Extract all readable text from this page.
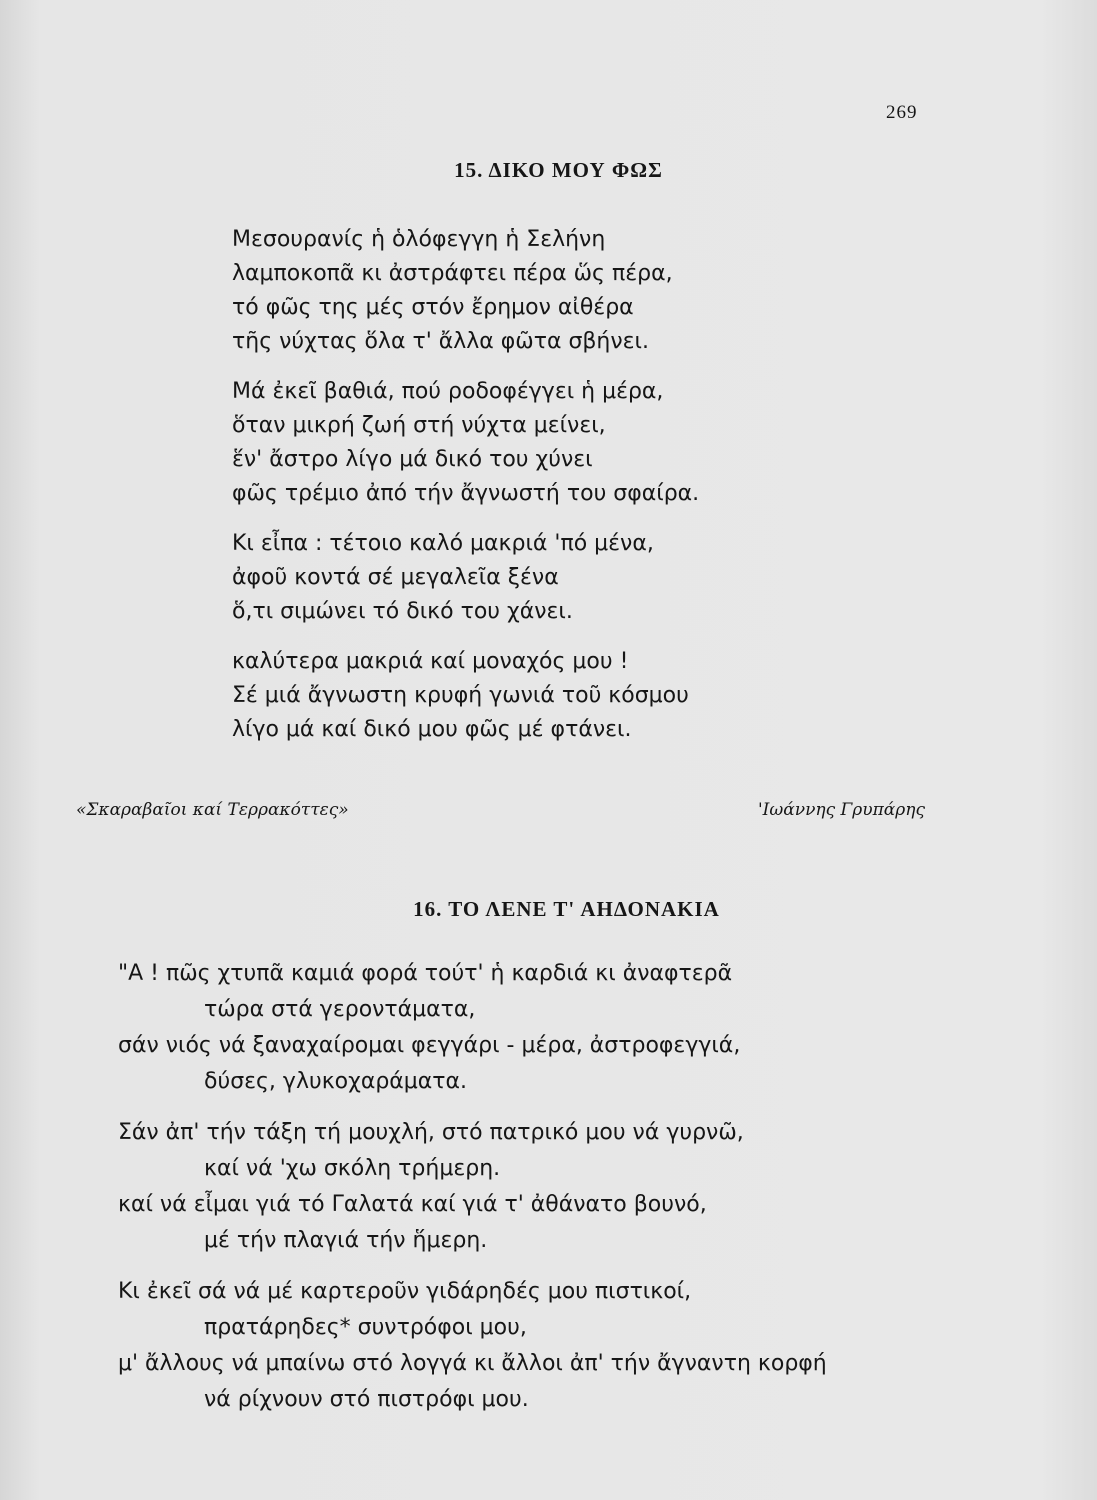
269
15. ΔΙΚΟ ΜΟΥ ΦΩΣ
Μεσουρανίς ἡ ὁλόφεγγη ἡ Σελήνη
λαμποκοπᾶ κι ἀστράφτει πέρα ὥς πέρα,
τό φῶς της μές στόν ἔρημον αἰθέρα
τῆς νύχτας ὅλα τ' ἄλλα φῶτα σβήνει.
Μά ἐκεῖ βαθιά, πού ροδοφέγγει ἡ μέρα,
ὅταν μικρή ζωή στή νύχτα μείνει,
ἕν' ἄστρο λίγο μά δικό του χύνει
φῶς τρέμιο ἀπό τήν ἄγνωστή του σφαίρα.
Κι εἶπα : τέτοιο καλό μακριά 'πό μένα,
ἀφοῦ κοντά σέ μεγαλεῖα ξένα
ὅ,τι σιμώνει τό δικό του χάνει.
καλύτερα μακριά καί μοναχός μου !
Σέ μιά ἄγνωστη κρυφή γωνιά τοῦ κόσμου
λίγο μά καί δικό μου φῶς μέ φτάνει.
«Σκαραβαῖοι καί Τερρακόττες»	'Ιωάννης Γρυπάρης
16. ΤΟ ΛΕΝΕ Τ' ΑΗΔΟΝΑΚΙΑ
"Α ! πῶς χτυπᾶ καμιά φορά τούτ' ἡ καρδιά κι ἀναφτερᾶ
τώρα στά γεροντάματα,
σάν νιός νά ξαναχαίρομαι φεγγάρι - μέρα, ἀστροφεγγιά,
δύσες, γλυκοχαράματα.
Σάν ἀπ' τήν τάξη τή μουχλή, στό πατρικό μου νά γυρνῶ,
καί νά 'χω σκόλη τρήμερη.
καί νά εἶμαι γιά τό Γαλατά καί γιά τ' ἀθάνατο βουνό,
μέ τήν πλαγιά τήν ἥμερη.
Κι ἐκεῖ σά νά μέ καρτεροῦν γιδάρηδές μου πιστικοί,
πρατάρηδες* συντρόφοι μου,
μ' ἄλλους νά μπαίνω στό λογγά κι ἄλλοι ἀπ' τήν ἄγναντη κορφή
νά ρίχνουν στό πιστρόφι μου.
